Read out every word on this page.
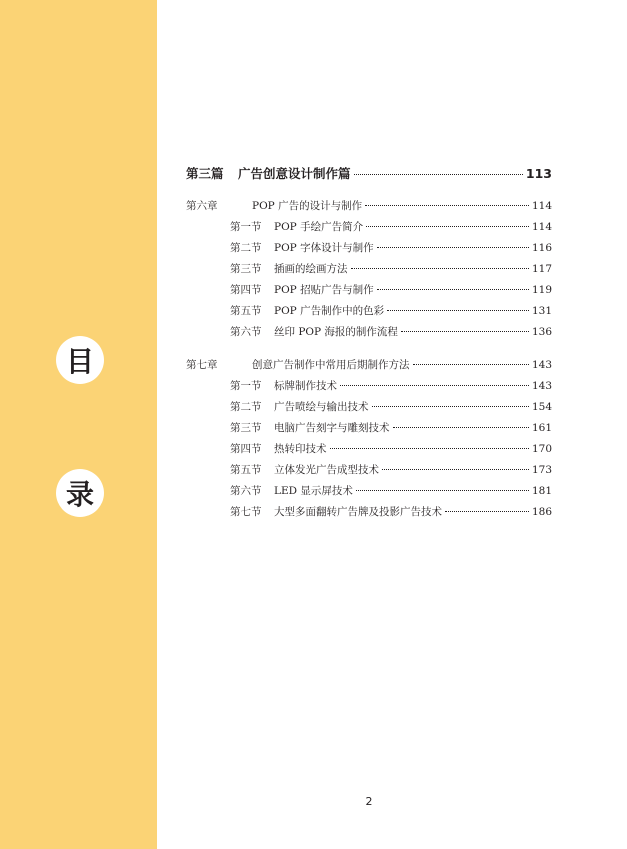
目
录
第三篇	广告创意设计制作篇	113
第六章	POP 广告的设计与制作	114
第一节	POP 手绘广告简介	114
第二节	POP 字体设计与制作	116
第三节	插画的绘画方法	117
第四节	POP 招贴广告与制作	119
第五节	POP 广告制作中的色彩	131
第六节	丝印 POP 海报的制作流程	136
第七章	创意广告制作中常用后期制作方法	143
第一节	标牌制作技术	143
第二节	广告喷绘与输出技术	154
第三节	电脑广告刻字与雕刻技术	161
第四节	热转印技术	170
第五节	立体发光广告成型技术	173
第六节	LED 显示屏技术	181
第七节	大型多面翻转广告牌及投影广告技术	186
2
